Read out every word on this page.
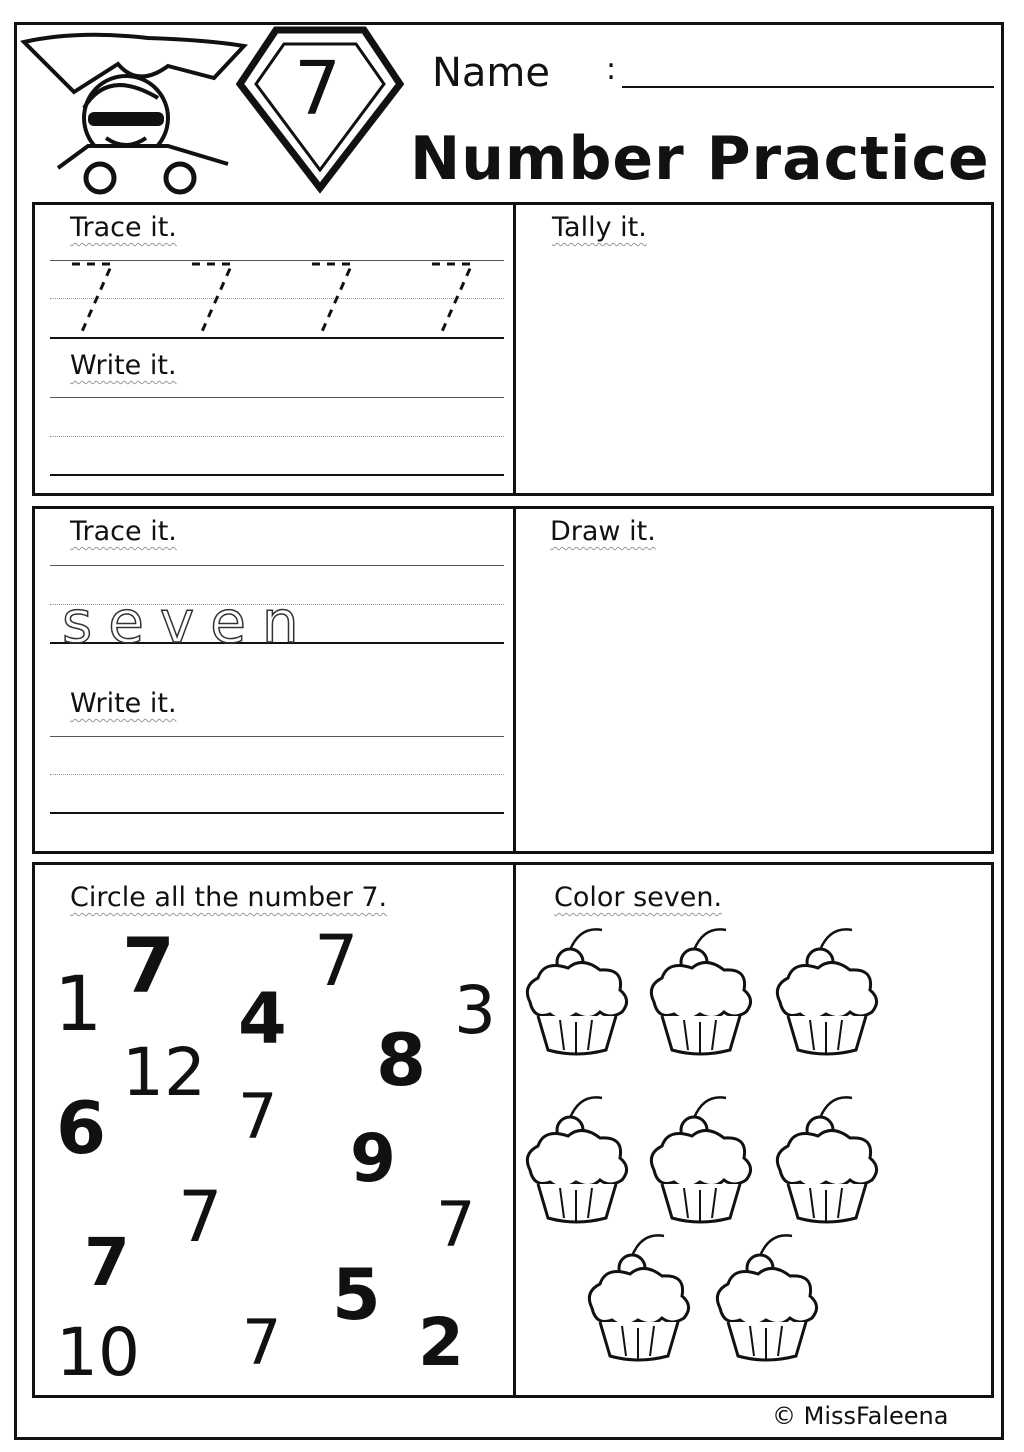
7 Name :
Number Practice
Trace it.
Write it.
Tally it.
Trace it.
seven
Write it.
Draw it.
Circle all the number 7.	Color seven.
7 7
1 4	3
8
12
6 7
9
7	7
7	5
10 7 2
© MissFaleena
